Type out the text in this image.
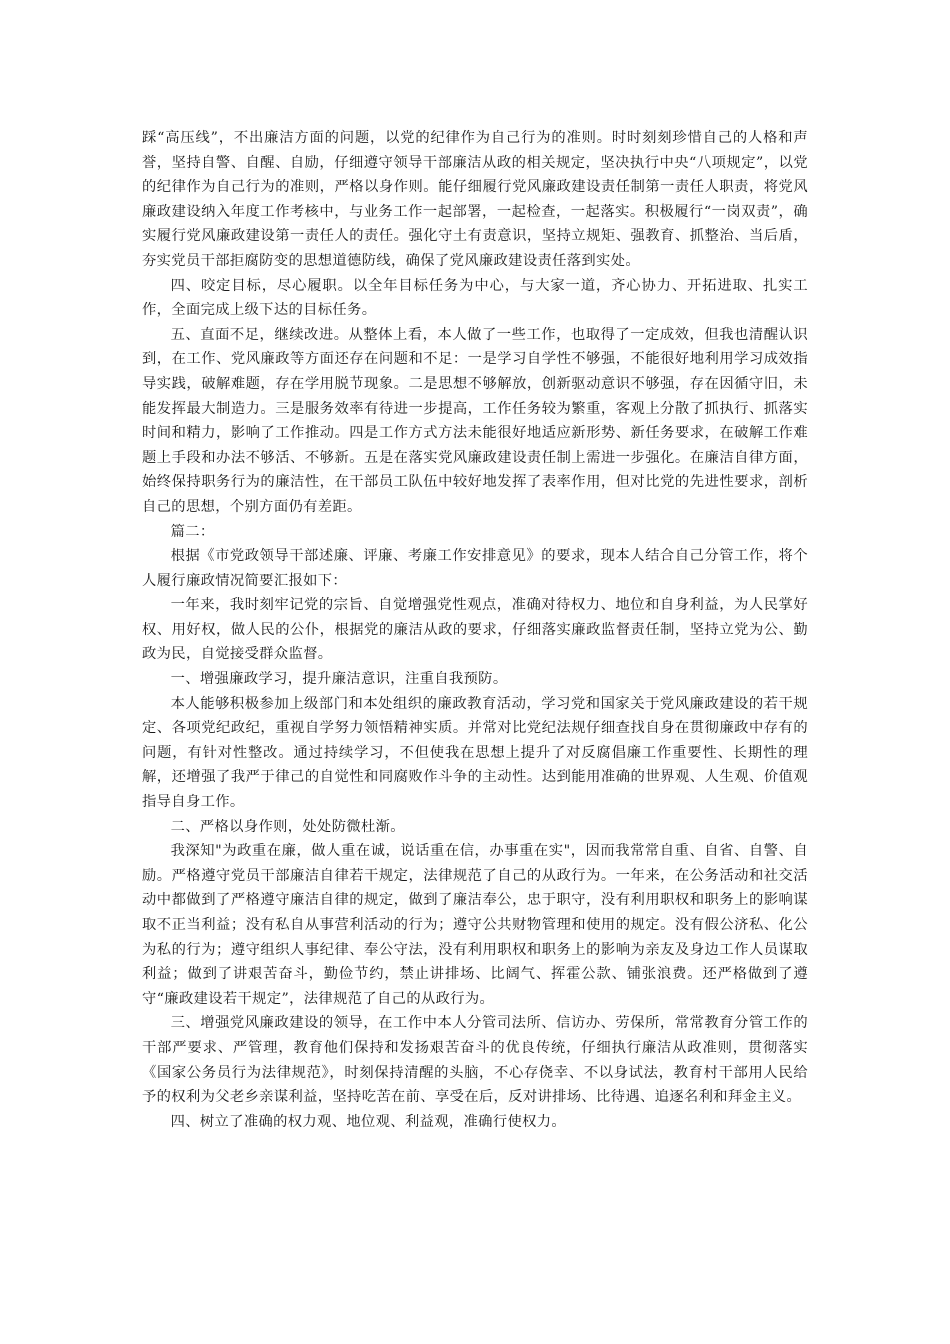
踩“高压线”，不出廉洁方面的问题，以党的纪律作为自己行为的准则。时时刻刻珍惜自己的人格和声誉，坚持自警、自醒、自励，仔细遵守领导干部廉洁从政的相关规定，坚决执行中央“八项规定”，以党的纪律作为自己行为的准则，严格以身作则。能仔细履行党风廉政建设责任制第一责任人职责，将党风廉政建设纳入年度工作考核中，与业务工作一起部署，一起检查，一起落实。积极履行“一岗双责”，确实履行党风廉政建设第一责任人的责任。强化守土有责意识，坚持立规矩、强教育、抓整治、当后盾，夯实党员干部拒腐防变的思想道德防线，确保了党风廉政建设责任落到实处。

四、咬定目标，尽心履职。以全年目标任务为中心，与大家一道，齐心协力、开拓进取、扎实工作，全面完成上级下达的目标任务。

五、直面不足，继续改进。从整体上看，本人做了一些工作，也取得了一定成效，但我也清醒认识到，在工作、党风廉政等方面还存在问题和不足：一是学习自学性不够强，不能很好地利用学习成效指导实践，破解难题，存在学用脱节现象。二是思想不够解放，创新驱动意识不够强，存在因循守旧，未能发挥最大制造力。三是服务效率有待进一步提高，工作任务较为繁重，客观上分散了抓执行、抓落实时间和精力，影响了工作推动。四是工作方式方法未能很好地适应新形势、新任务要求，在破解工作难题上手段和办法不够活、不够新。五是在落实党风廉政建设责任制上需进一步强化。在廉洁自律方面，始终保持职务行为的廉洁性，在干部员工队伍中较好地发挥了表率作用，但对比党的先进性要求，剖析自己的思想，个别方面仍有差距。

篇二：

根据《市党政领导干部述廉、评廉、考廉工作安排意见》的要求，现本人结合自己分管工作，将个人履行廉政情况简要汇报如下：

一年来，我时刻牢记党的宗旨、自觉增强党性观点，准确对待权力、地位和自身利益，为人民掌好权、用好权，做人民的公仆，根据党的廉洁从政的要求，仔细落实廉政监督责任制，坚持立党为公、勤政为民，自觉接受群众监督。

一、增强廉政学习，提升廉洁意识，注重自我预防。

本人能够积极参加上级部门和本处组织的廉政教育活动，学习党和国家关于党风廉政建设的若干规定、各项党纪政纪，重视自学努力领悟精神实质。并常对比党纪法规仔细查找自身在贯彻廉政中存有的问题，有针对性整改。通过持续学习，不但使我在思想上提升了对反腐倡廉工作重要性、长期性的理解，还增强了我严于律己的自觉性和同腐败作斗争的主动性。达到能用准确的世界观、人生观、价值观指导自身工作。

二、严格以身作则，处处防微杜渐。

我深知"为政重在廉，做人重在诚，说话重在信，办事重在实"，因而我常常自重、自省、自警、自励。严格遵守党员干部廉洁自律若干规定，法律规范了自己的从政行为。一年来，在公务活动和社交活动中都做到了严格遵守廉洁自律的规定，做到了廉洁奉公，忠于职守，没有利用职权和职务上的影响谋取不正当利益；没有私自从事营利活动的行为；遵守公共财物管理和使用的规定。没有假公济私、化公为私的行为；遵守组织人事纪律、奉公守法，没有利用职权和职务上的影响为亲友及身边工作人员谋取利益；做到了讲艰苦奋斗，勤俭节约，禁止讲排场、比阔气、挥霍公款、铺张浪费。还严格做到了遵守“廉政建设若干规定”，法律规范了自己的从政行为。

三、增强党风廉政建设的领导，在工作中本人分管司法所、信访办、劳保所，常常教育分管工作的干部严要求、严管理，教育他们保持和发扬艰苦奋斗的优良传统，仔细执行廉洁从政准则，贯彻落实《国家公务员行为法律规范》，时刻保持清醒的头脑，不心存侥幸、不以身试法，教育村干部用人民给予的权利为父老乡亲谋利益，坚持吃苦在前、享受在后，反对讲排场、比待遇、追逐名利和拜金主义。

四、树立了准确的权力观、地位观、利益观，准确行使权力。
